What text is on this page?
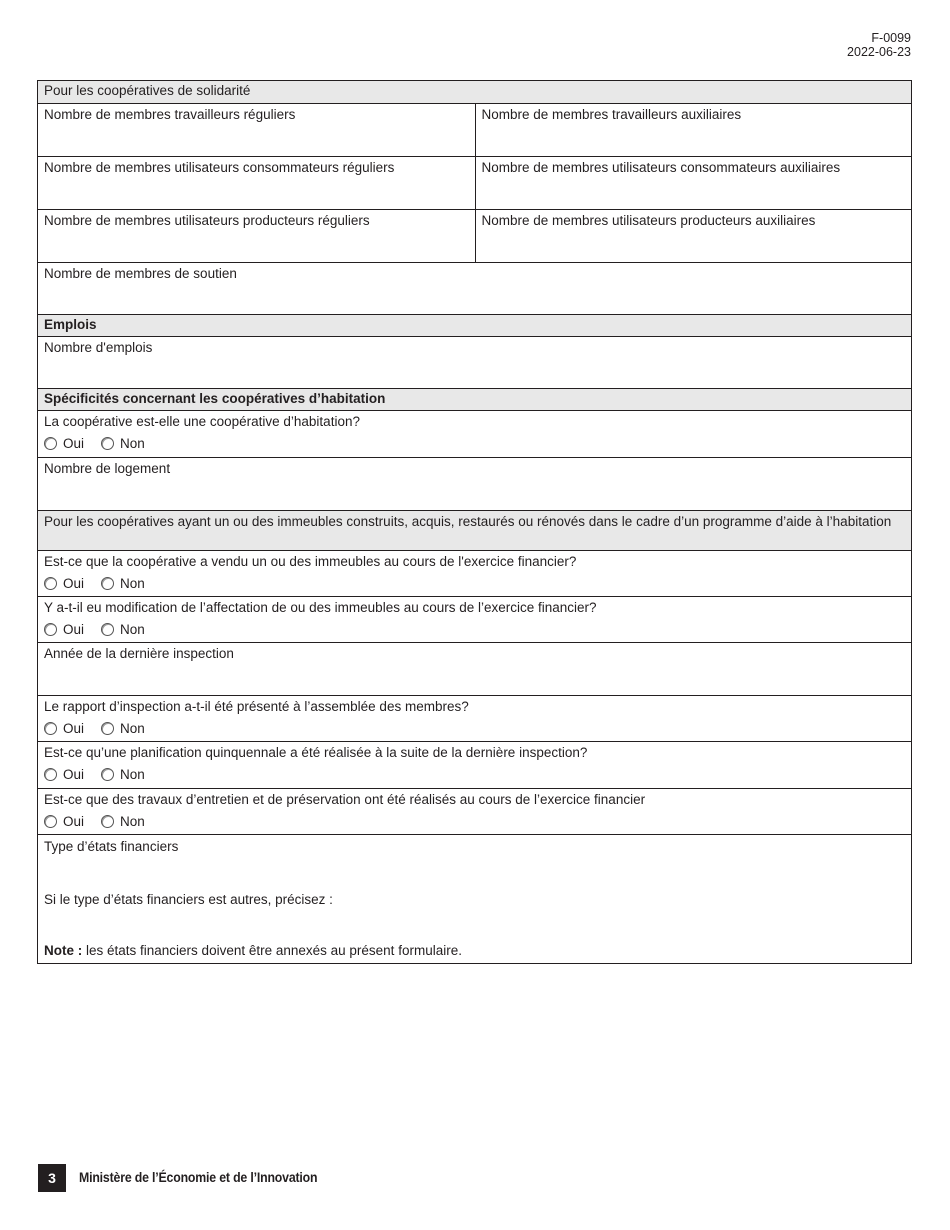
F-0099
2022-06-23
Pour les coopératives de solidarité
Nombre de membres travailleurs réguliers	Nombre de membres travailleurs auxiliaires
Nombre de membres utilisateurs consommateurs réguliers	Nombre de membres utilisateurs consommateurs auxiliaires
Nombre de membres utilisateurs producteurs réguliers	Nombre de membres utilisateurs producteurs auxiliaires
Nombre de membres de soutien
Emplois
Nombre d'emplois
Spécificités concernant les coopératives d’habitation
La coopérative est-elle une coopérative d’habitation?
Oui	Non
Nombre de logement
Pour les coopératives ayant un ou des immeubles construits, acquis, restaurés ou rénovés dans le cadre d’un programme d’aide à l’habitation
Est-ce que la coopérative a vendu un ou des immeubles au cours de l'exercice financier?
Oui	Non
Y a-t-il eu modification de l’affectation de ou des immeubles au cours de l’exercice financier?
Oui	Non
Année de la dernière inspection
Le rapport d’inspection a-t-il été présenté à l’assemblée des membres?
Oui	Non
Est-ce qu’une planification quinquennale a été réalisée à la suite de la dernière inspection?
Oui	Non
Est-ce que des travaux d’entretien et de préservation ont été réalisés au cours de l’exercice financier
Oui	Non
Type d’états financiers
Si le type d’états financiers est autres, précisez :
Note : les états financiers doivent être annexés au présent formulaire.
3	Ministère de l’Économie et de l’Innovation
